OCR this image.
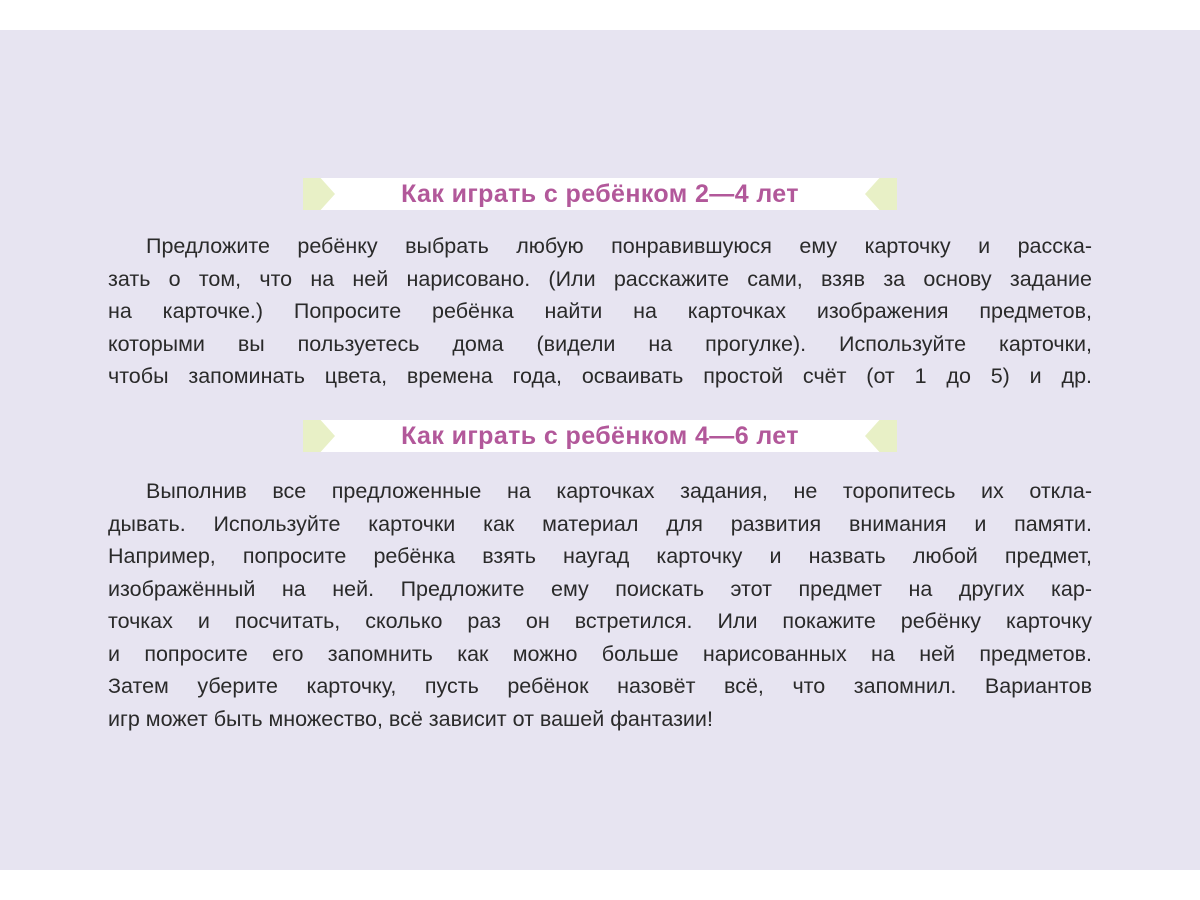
Как играть с ребёнком 2—4 лет

Предложите ребёнку выбрать любую понравившуюся ему карточку и расска-
зать о том, что на ней нарисовано. (Или расскажите сами, взяв за основу задание
на карточке.) Попросите ребёнка найти на карточках изображения предметов,
которыми вы пользуетесь дома (видели на прогулке). Используйте карточки,
чтобы запоминать цвета, времена года, осваивать простой счёт (от 1 до 5) и др.

Как играть с ребёнком 4—6 лет

Выполнив все предложенные на карточках задания, не торопитесь их откла-
дывать. Используйте карточки как материал для развития внимания и памяти.
Например, попросите ребёнка взять наугад карточку и назвать любой предмет,
изображённый на ней. Предложите ему поискать этот предмет на других кар-
точках и посчитать, сколько раз он встретился. Или покажите ребёнку карточку
и попросите его запомнить как можно больше нарисованных на ней предметов.
Затем уберите карточку, пусть ребёнок назовёт всё, что запомнил. Вариантов
игр может быть множество, всё зависит от вашей фантазии!
